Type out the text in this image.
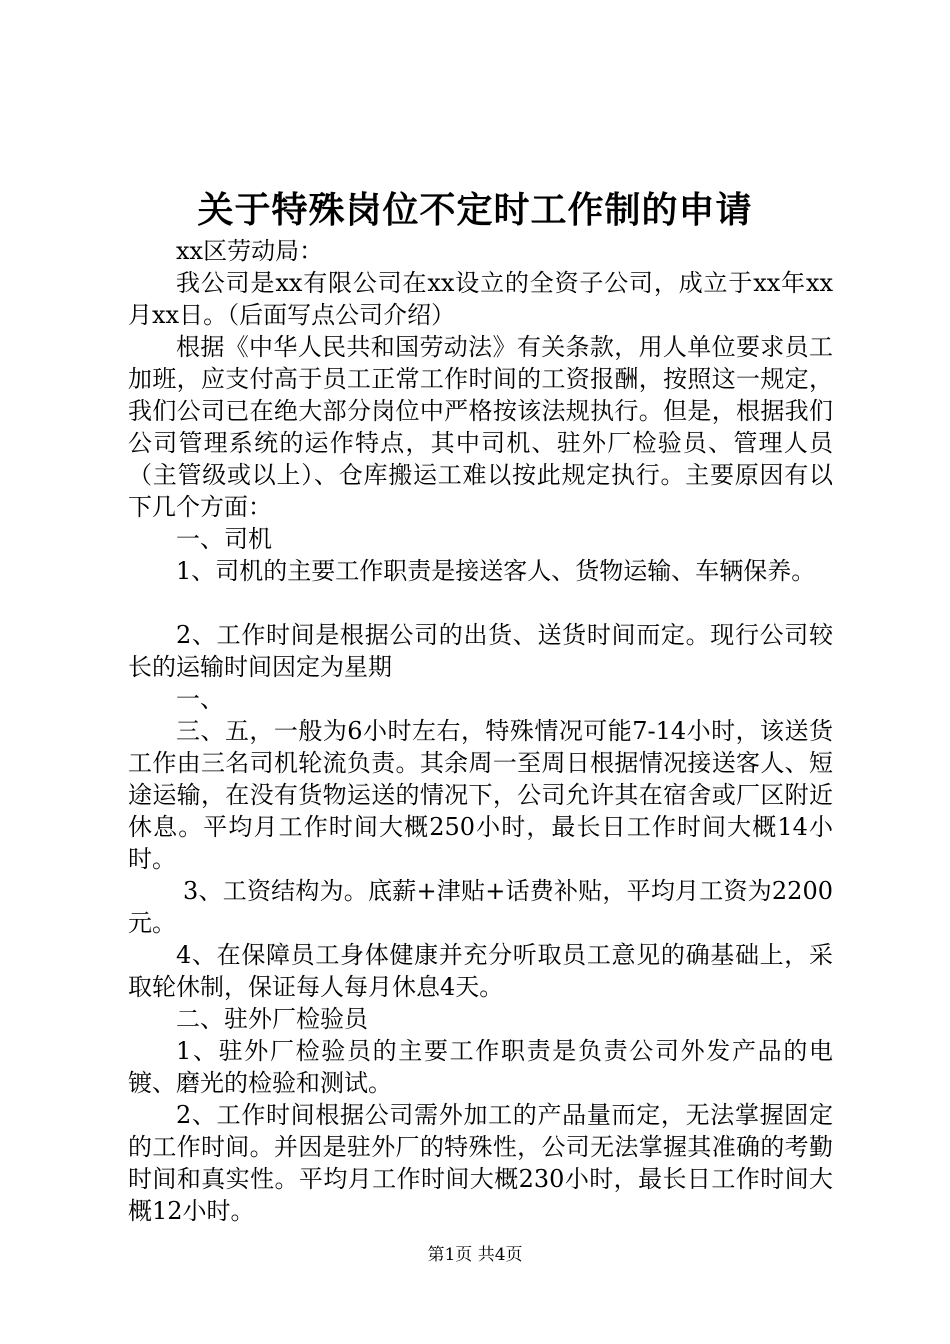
关于特殊岗位不定时工作制的申请

xx区劳动局：

我公司是xx有限公司在xx设立的全资子公司，成立于xx年xx月xx日。（后面写点公司介绍）

根据《中华人民共和国劳动法》有关条款，用人单位要求员工加班，应支付高于员工正常工作时间的工资报酬，按照这一规定，我们公司已在绝大部分岗位中严格按该法规执行。但是，根据我们公司管理系统的运作特点，其中司机、驻外厂检验员、管理人员（主管级或以上）、仓库搬运工难以按此规定执行。主要原因有以下几个方面：

一、司机

1、司机的主要工作职责是接送客人、货物运输、车辆保养。

2、工作时间是根据公司的出货、送货时间而定。现行公司较长的运输时间因定为星期

一、

三、五，一般为6小时左右，特殊情况可能7-14小时，该送货工作由三名司机轮流负责。其余周一至周日根据情况接送客人、短途运输，在没有货物运送的情况下，公司允许其在宿舍或厂区附近休息。平均月工作时间大概250小时，最长日工作时间大概14小时。

3、工资结构为。底薪+津贴+话费补贴，平均月工资为2200元。

4、在保障员工身体健康并充分听取员工意见的确基础上，采取轮休制，保证每人每月休息4天。

二、驻外厂检验员

1、驻外厂检验员的主要工作职责是负责公司外发产品的电镀、磨光的检验和测试。

2、工作时间根据公司需外加工的产品量而定，无法掌握固定的工作时间。并因是驻外厂的特殊性，公司无法掌握其准确的考勤时间和真实性。平均月工作时间大概230小时，最长日工作时间大概12小时。

第1页 共4页
